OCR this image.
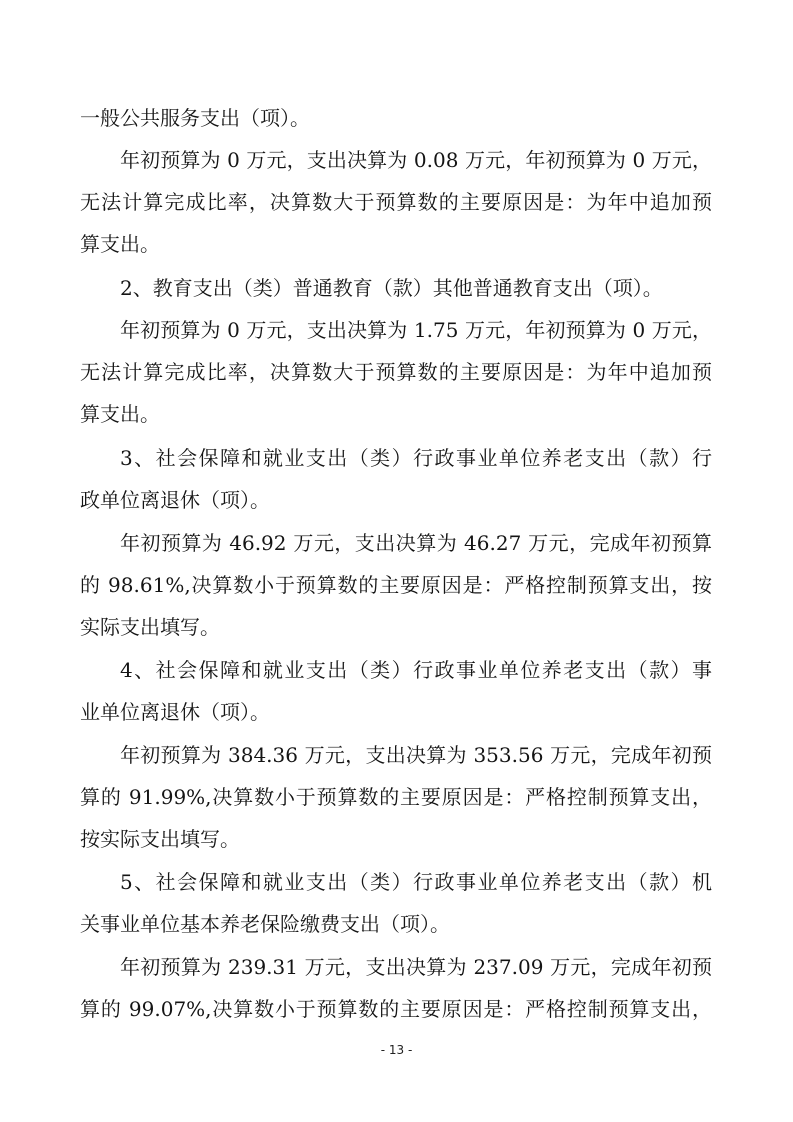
一般公共服务支出（项）。
年初预算为 0 万元，支出决算为 0.08 万元，年初预算为 0 万元，
无法计算完成比率，决算数大于预算数的主要原因是：为年中追加预
算支出。
2、教育支出（类）普通教育（款）其他普通教育支出（项）。
年初预算为 0 万元，支出决算为 1.75 万元，年初预算为 0 万元，
无法计算完成比率，决算数大于预算数的主要原因是：为年中追加预
算支出。
3、社会保障和就业支出（类）行政事业单位养老支出（款）行
政单位离退休（项）。
年初预算为 46.92 万元，支出决算为 46.27 万元，完成年初预算
的 98.61%,决算数小于预算数的主要原因是：严格控制预算支出，按
实际支出填写。
4、社会保障和就业支出（类）行政事业单位养老支出（款）事
业单位离退休（项）。
年初预算为 384.36 万元，支出决算为 353.56 万元，完成年初预
算的 91.99%,决算数小于预算数的主要原因是：严格控制预算支出，
按实际支出填写。
5、社会保障和就业支出（类）行政事业单位养老支出（款）机
关事业单位基本养老保险缴费支出（项）。
年初预算为 239.31 万元，支出决算为 237.09 万元，完成年初预
算的 99.07%,决算数小于预算数的主要原因是：严格控制预算支出，
- 13 -
